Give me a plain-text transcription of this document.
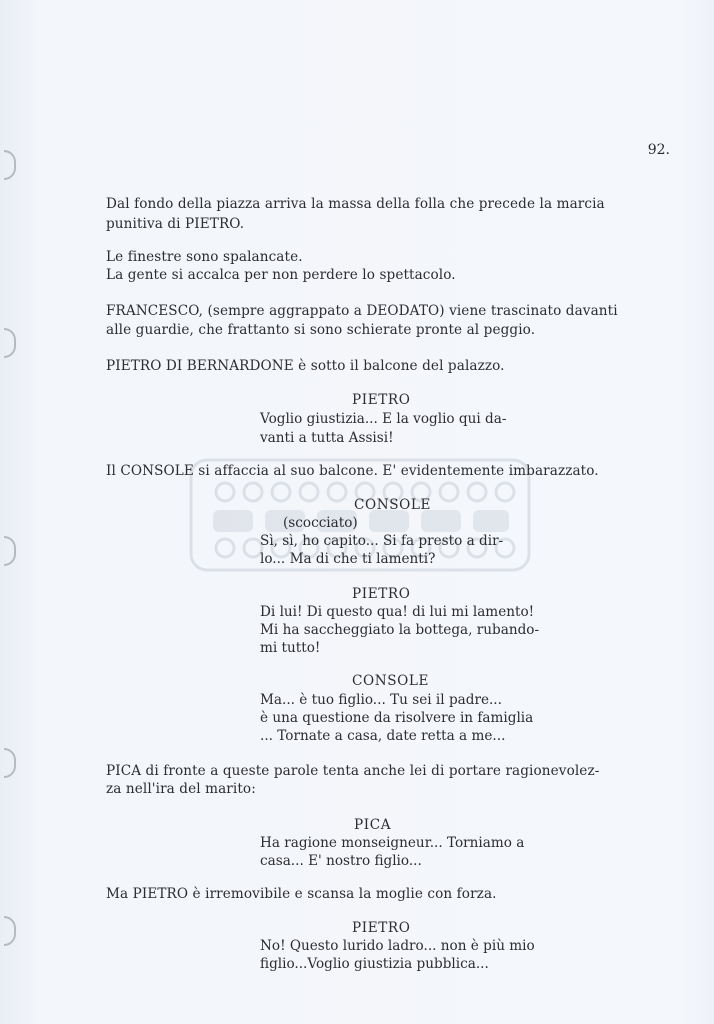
92.
Dal fondo della piazza arriva la massa della folla che precede la marcia
punitiva di PIETRO.
Le finestre sono spalancate.
La gente si accalca per non perdere lo spettacolo.
FRANCESCO, (sempre aggrappato a DEODATO) viene trascinato davanti
alle guardie, che frattanto si sono schierate pronte al peggio.
PIETRO DI BERNARDONE è sotto il balcone del palazzo.
PIETRO
Voglio giustizia... E la voglio qui da-
vanti a tutta Assisi!
Il CONSOLE si affaccia al suo balcone. E' evidentemente imbarazzato.
CONSOLE
(scocciato)
Sì, sì, ho capito... Si fa presto a dir-
lo... Ma di che ti lamenti?
PIETRO
Di lui! Di questo qua! di lui mi lamento!
Mi ha saccheggiato la bottega, rubando-
mi tutto!
CONSOLE
Ma... è tuo figlio... Tu sei il padre...
è una questione da risolvere in famiglia
... Tornate a casa, date retta a me...
PICA di fronte a queste parole tenta anche lei di portare ragionevolez-
za nell'ira del marito:
PICA
Ha ragione monseigneur... Torniamo a
casa... E' nostro figlio...
Ma PIETRO è irremovibile e scansa la moglie con forza.
PIETRO
No! Questo lurido ladro... non è più mio
figlio...Voglio giustizia pubblica...
